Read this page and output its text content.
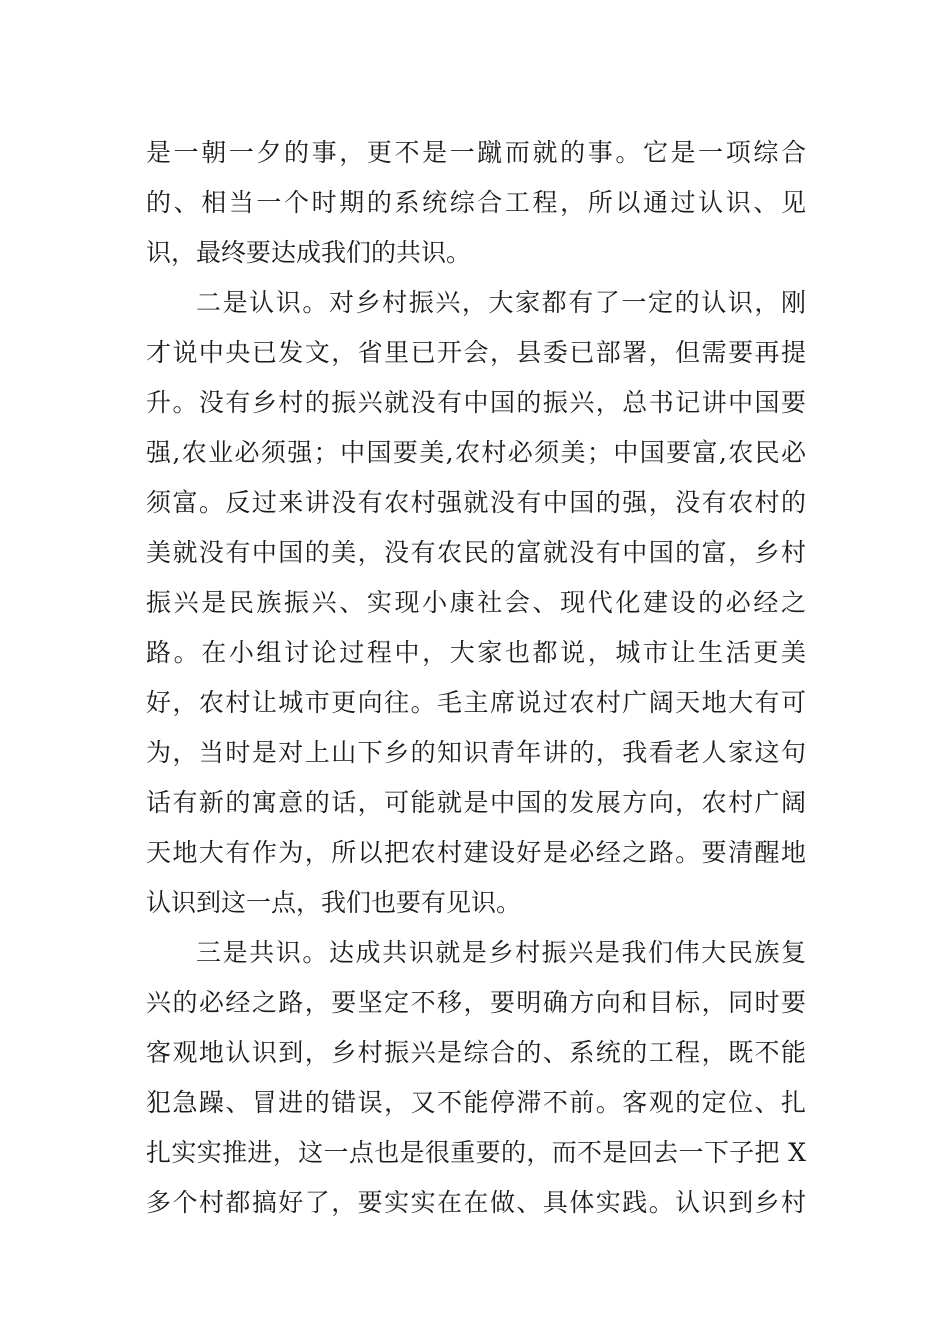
是一朝一夕的事，更不是一蹴而就的事。它是一项综合
的、相当一个时期的系统综合工程，所以通过认识、见
识，最终要达成我们的共识。
二是认识。对乡村振兴，大家都有了一定的认识，刚
才说中央已发文，省里已开会，县委已部署，但需要再提
升。没有乡村的振兴就没有中国的振兴，总书记讲中国要
强,农业必须强；中国要美,农村必须美；中国要富,农民必
须富。反过来讲没有农村强就没有中国的强，没有农村的
美就没有中国的美，没有农民的富就没有中国的富，乡村
振兴是民族振兴、实现小康社会、现代化建设的必经之
路。在小组讨论过程中，大家也都说，城市让生活更美
好，农村让城市更向往。毛主席说过农村广阔天地大有可
为，当时是对上山下乡的知识青年讲的，我看老人家这句
话有新的寓意的话，可能就是中国的发展方向，农村广阔
天地大有作为，所以把农村建设好是必经之路。要清醒地
认识到这一点，我们也要有见识。
三是共识。达成共识就是乡村振兴是我们伟大民族复
兴的必经之路，要坚定不移，要明确方向和目标，同时要
客观地认识到，乡村振兴是综合的、系统的工程，既不能
犯急躁、冒进的错误，又不能停滞不前。客观的定位、扎
扎实实推进，这一点也是很重要的，而不是回去一下子把 X
多个村都搞好了，要实实在在做、具体实践。认识到乡村
